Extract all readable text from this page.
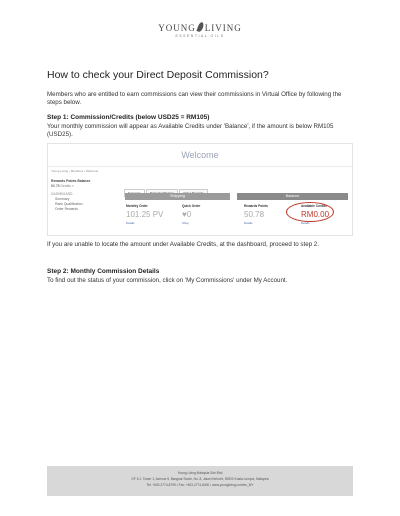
YOUNG LIVING
ESSENTIAL OILS
How to check your Direct Deposit Commission?
Members who are entitled to earn commissions can view their commissions in Virtual Office by following the steps below.
Step 1: Commission/Credits (below USD25 = RM105)
Your monthly commission will appear as Available Credits under 'Balance', if the amount is below RM105 (USD25).
Welcome
Young Living › Members › Welcome
Rewards Points Balance
50.78 Details »
DASHBOARD
Summary
Rank Qualification
Order Rewards
Shipping	Balance
Monthly Order
101.25 PV
Details
Quick Order
♥0
Shop
Rewards Points
50.78
Details
Available Credits
RM0.00
Details
If you are unable to locate the amount under Available Credits, at the dashboard, proceed to step 2.
Step 2: Monthly Commission Details
To find out the status of your commission, click on 'My Commissions' under My Account.
Young Living Malaysia Sdn Bhd
GF 6.1, Tower 1, Avenue 5, Bangsar South, No. 8, Jalan Kerinchi, 59200 Kuala Lumpur, Malaysia
Tel: +603-2774-8799 • Fax: +603-2774-8400 • www.youngliving.com/en_MY
